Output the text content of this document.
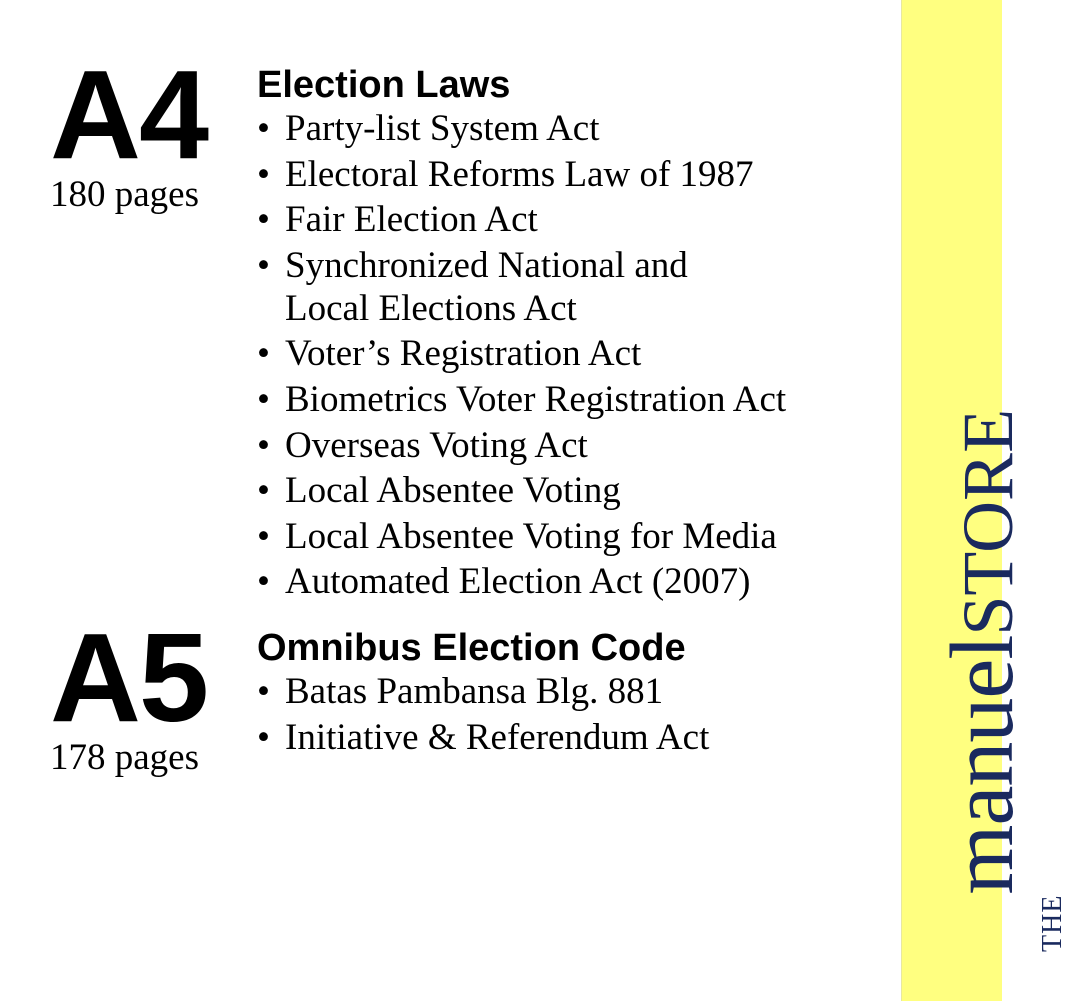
A4
180 pages
Election Laws
• Party-list System Act
• Electoral Reforms Law of 1987
• Fair Election Act
• Synchronized National and
Local Elections Act
• Voter’s Registration Act
• Biometrics Voter Registration Act
• Overseas Voting Act
• Local Absentee Voting
• Local Absentee Voting for Media
• Automated Election Act (2007)
A5
178 pages
Omnibus Election Code
• Batas Pambansa Blg. 881
• Initiative & Referendum Act
THEmanuelSTORE
